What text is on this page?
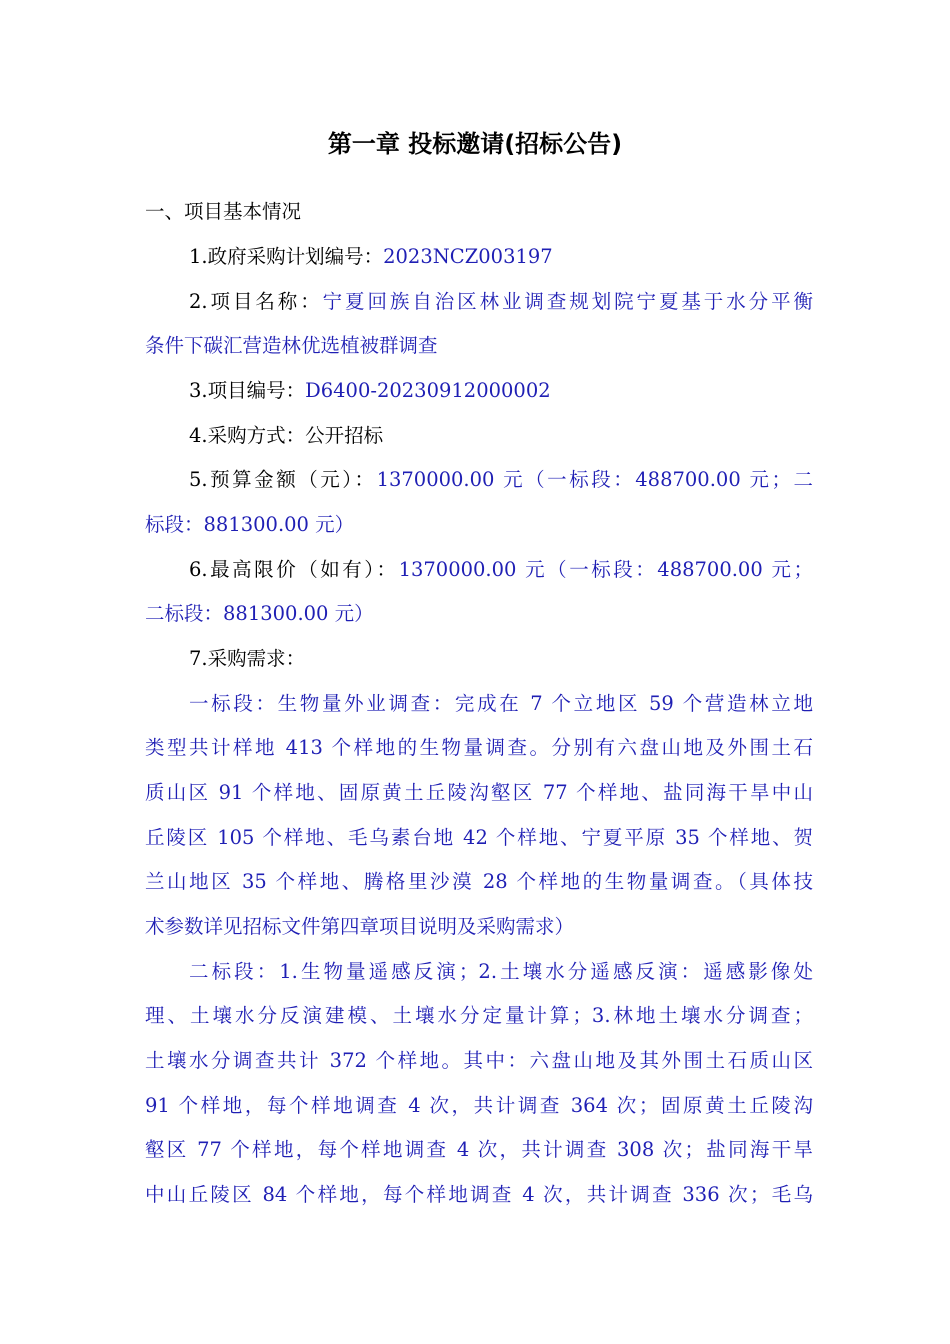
第一章 投标邀请(招标公告)
一、项目基本情况
1.政府采购计划编号：2023NCZ003197
2.项目名称：宁夏回族自治区林业调查规划院宁夏基于水分平衡
条件下碳汇营造林优选植被群调查
3.项目编号：D6400-20230912000002
4.采购方式：公开招标
5.预算金额（元）：1370000.00 元（一标段：488700.00 元；二
标段：881300.00 元）
6.最高限价（如有）：1370000.00 元（一标段：488700.00 元；
二标段：881300.00 元）
7.采购需求：
一标段：生物量外业调查：完成在 7 个立地区 59 个营造林立地
类型共计样地 413 个样地的生物量调查。分别有六盘山地及外围土石
质山区 91 个样地、固原黄土丘陵沟壑区 77 个样地、盐同海干旱中山
丘陵区 105 个样地、毛乌素台地 42 个样地、宁夏平原 35 个样地、贺
兰山地区 35 个样地、腾格里沙漠 28 个样地的生物量调查。（具体技
术参数详见招标文件第四章项目说明及采购需求）
二标段：1.生物量遥感反演；2.土壤水分遥感反演：遥感影像处
理、土壤水分反演建模、土壤水分定量计算；3.林地土壤水分调查；
土壤水分调查共计 372 个样地。其中：六盘山地及其外围土石质山区
91 个样地，每个样地调查 4 次，共计调查 364 次；固原黄土丘陵沟
壑区 77 个样地，每个样地调查 4 次，共计调查 308 次；盐同海干旱
中山丘陵区 84 个样地，每个样地调查 4 次，共计调查 336 次；毛乌
